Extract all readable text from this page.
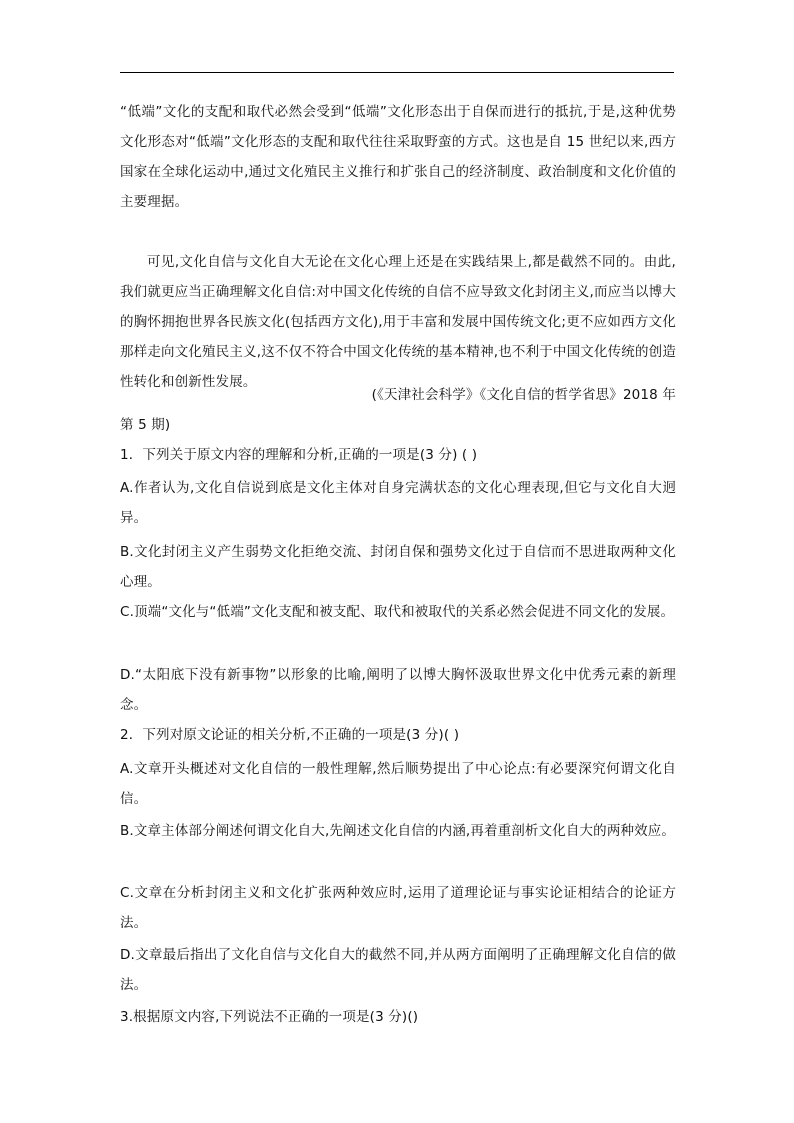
“低端”文化的支配和取代必然会受到“低端”文化形态出于自保而进行的抵抗,于是,这种优势文化形态对“低端”文化形态的支配和取代往往采取野蛮的方式。这也是自 15 世纪以来,西方国家在全球化运动中,通过文化殖民主义推行和扩张自己的经济制度、政治制度和文化价值的主要理据。
可见,文化自信与文化自大无论在文化心理上还是在实践结果上,都是截然不同的。由此, 我们就更应当正确理解文化自信:对中国文化传统的自信不应导致文化封闭主义,而应当以博大的胸怀拥抱世界各民族文化(包括西方文化),用于丰富和发展中国传统文化;更不应如西方文化那样走向文化殖民主义,这不仅不符合中国文化传统的基本精神,也不利于中国文化传统的创造性转化和创新性发展。
(《天津社会科学》《文化自信的哲学省思》2018 年
第 5 期)
1．下列关于原文内容的理解和分析,正确的一项是(3 分) ( )
A.作者认为,文化自信说到底是文化主体对自身完满状态的文化心理表现,但它与文化自大迥异。
B.文化封闭主义产生弱势文化拒绝交流、封闭自保和强势文化过于自信而不思进取两种文化心理。
C.顶端“文化与“低端”文化支配和被支配、取代和被取代的关系必然会促进不同文化的发展。
D.“太阳底下没有新事物”以形象的比喻,阐明了以博大胸怀汲取世界文化中优秀元素的新理念。
2．下列对原文论证的相关分析,不正确的一项是(3 分)( )
A.文章开头概述对文化自信的一般性理解,然后顺势提出了中心论点:有必要深究何谓文化自信。
B.文章主体部分阐述何谓文化自大,先阐述文化自信的内涵,再着重剖析文化自大的两种效应。
C.文章在分析封闭主义和文化扩张两种效应时,运用了道理论证与事实论证相结合的论证方法。
D.文章最后指出了文化自信与文化自大的截然不同,并从两方面阐明了正确理解文化自信的做法。
3.根据原文内容,下列说法不正确的一项是(3 分)()
